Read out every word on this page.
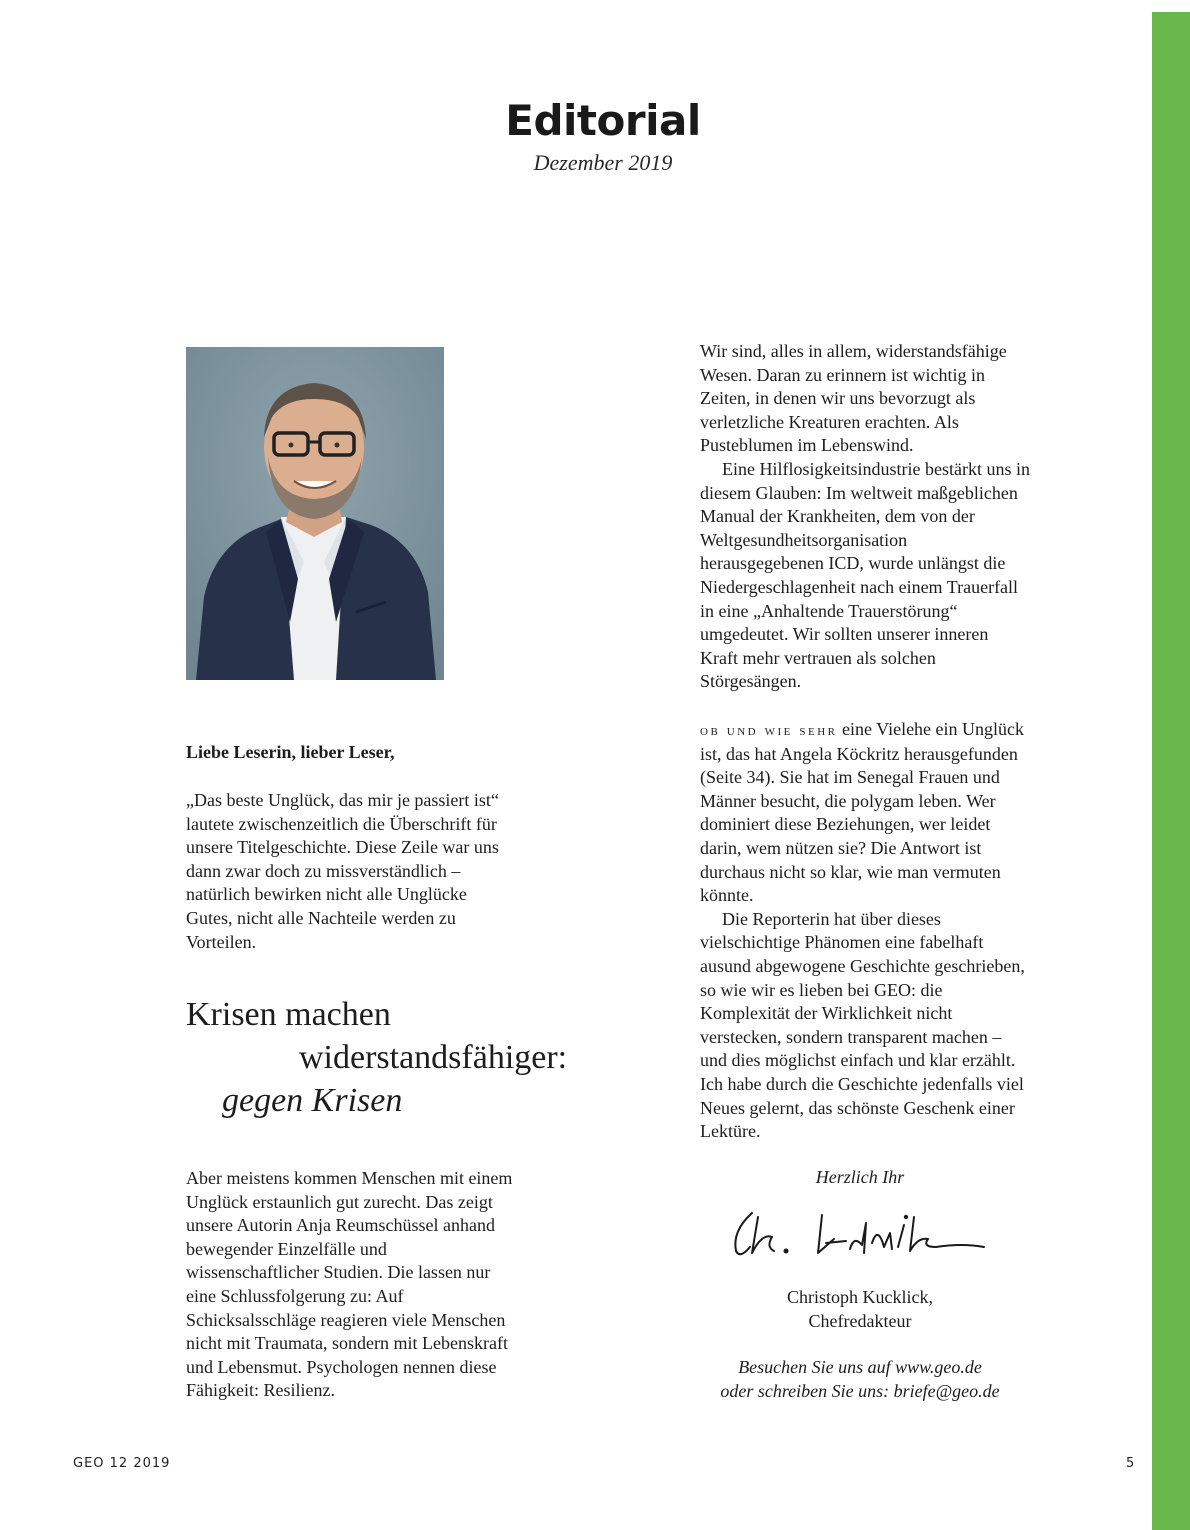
Editorial
Dezember 2019
Liebe Leserin, lieber Leser,

„Das beste Unglück, das mir je passiert ist“ lautete zwischenzeitlich die Überschrift für unsere Titelgeschichte. Diese Zeile war uns dann zwar doch zu missverständlich – natürlich bewirken nicht alle Unglücke Gutes, nicht alle Nachteile werden zu Vorteilen.

Krisen machen
widerstandsfähiger:
gegen Krisen

Aber meistens kommen Menschen mit einem Unglück erstaunlich gut zurecht. Das zeigt unsere Autorin Anja Reumschüssel anhand bewegender Einzelfälle und wissenschaftlicher Studien. Die lassen nur eine Schlussfolgerung zu: Auf Schicksalsschläge reagieren viele Menschen nicht mit Traumata, sondern mit Lebenskraft und Lebensmut. Psychologen nennen diese Fähigkeit: Resilienz.

Wir sind, alles in allem, widerstandsfähige Wesen. Daran zu erinnern ist wichtig in Zeiten, in denen wir uns bevorzugt als verletzliche Kreaturen erachten. Als Pusteblumen im Lebenswind.

Eine Hilflosigkeitsindustrie bestärkt uns in diesem Glauben: Im weltweit maßgeblichen Manual der Krankheiten, dem von der Weltgesundheitsorganisation herausgegebenen ICD, wurde unlängst die Niedergeschlagenheit nach einem Trauerfall in eine „Anhaltende Trauerstörung“ umgedeutet. Wir sollten unserer inneren Kraft mehr vertrauen als solchen Störgesängen.

ob und wie sehr eine Vielehe ein Unglück ist, das hat Angela Köckritz herausgefunden (Seite 34). Sie hat im Senegal Frauen und Männer besucht, die polygam leben. Wer dominiert diese Beziehungen, wer leidet darin, wem nützen sie? Die Antwort ist durchaus nicht so klar, wie man vermuten könnte.

Die Reporterin hat über dieses vielschichtige Phänomen eine fabelhaft ausund abgewogene Geschichte geschrieben, so wie wir es lieben bei GEO: die Komplexität der Wirklichkeit nicht verstecken, sondern transparent machen – und dies möglichst einfach und klar erzählt. Ich habe durch die Geschichte jedenfalls viel Neues gelernt, das schönste Geschenk einer Lektüre.

Herzlich Ihr
Christoph Kucklick,
Chefredakteur
Besuchen Sie uns auf www.geo.de
oder schreiben Sie uns: briefe@geo.de
GEO 12 2019	5
